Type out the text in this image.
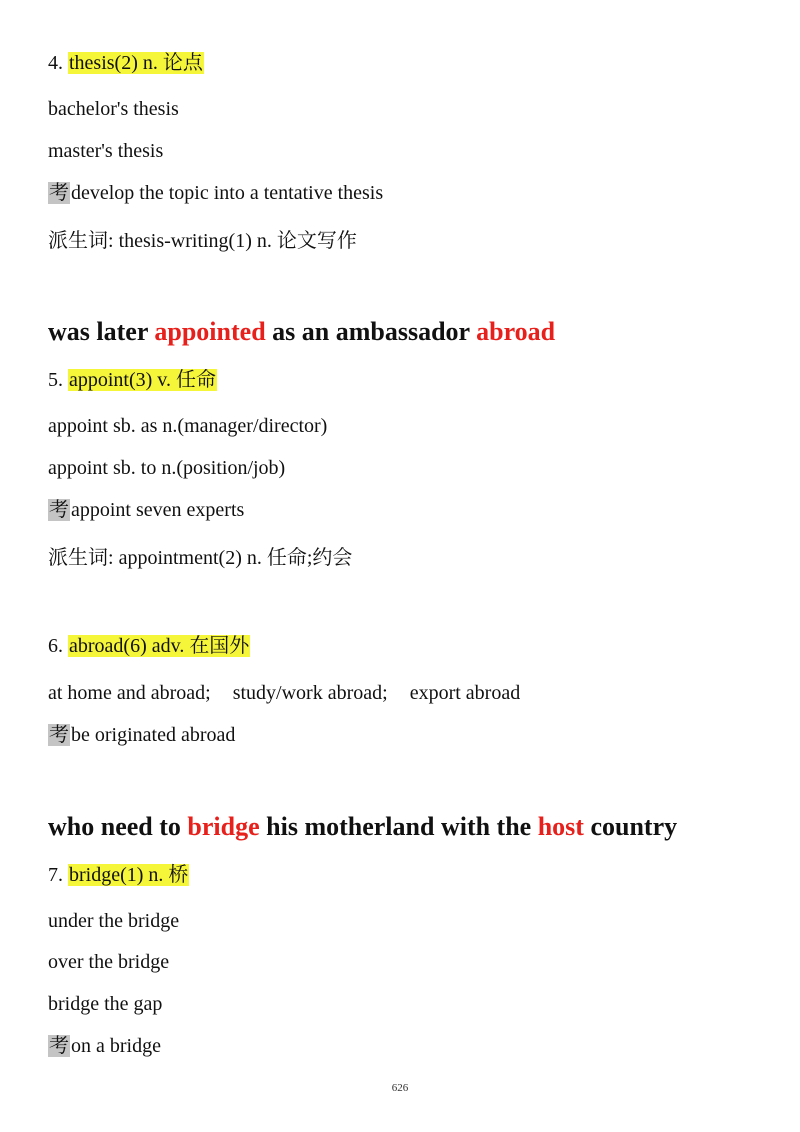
4. thesis(2) n. 论点
bachelor's thesis
master's thesis
考 develop the topic into a tentative thesis
派生词: thesis-writing(1) n. 论文写作
was later appointed as an ambassador abroad
5. appoint(3) v. 任命
appoint sb. as n.(manager/director)
appoint sb. to n.(position/job)
考 appoint seven experts
派生词: appointment(2) n. 任命;约会
6. abroad(6) adv. 在国外
at home and abroad; study/work abroad; export abroad
考 be originated abroad
who need to bridge his motherland with the host country
7. bridge(1) n. 桥
under the bridge
over the bridge
bridge the gap
考 on a bridge
626
